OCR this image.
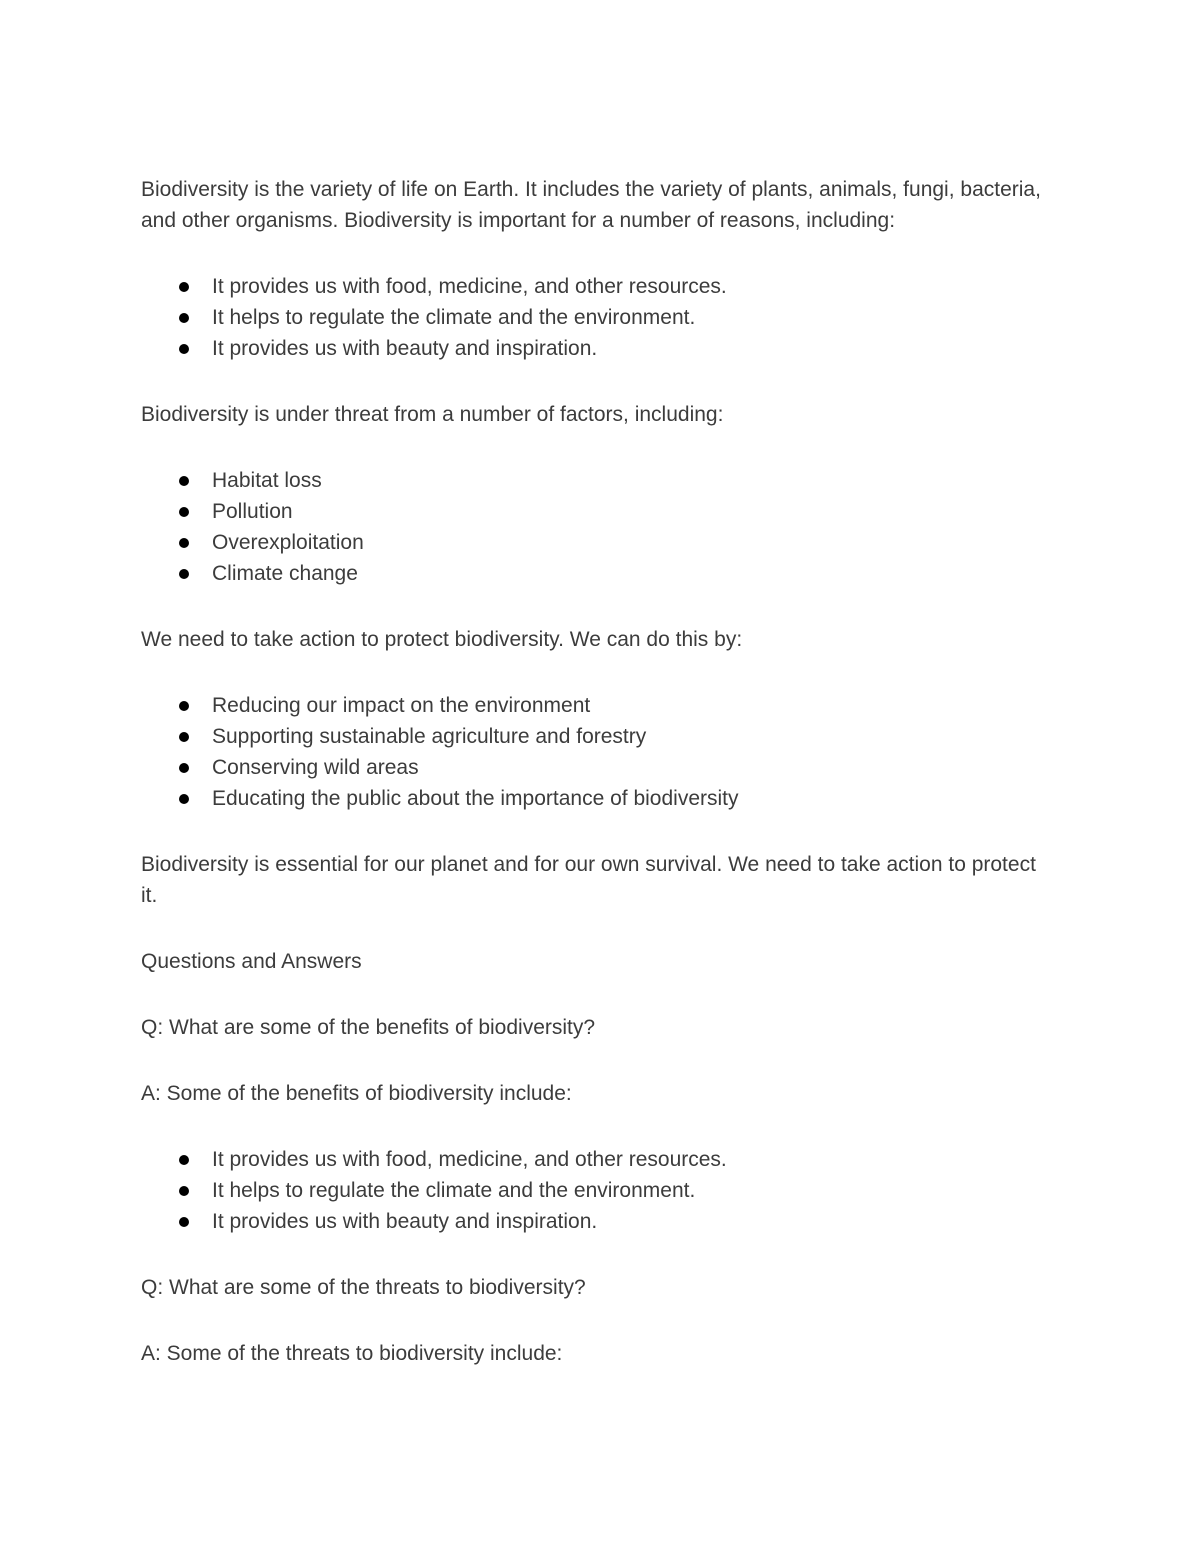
Biodiversity is the variety of life on Earth. It includes the variety of plants, animals, fungi, bacteria, and other organisms. Biodiversity is important for a number of reasons, including:

It provides us with food, medicine, and other resources.
It helps to regulate the climate and the environment.
It provides us with beauty and inspiration.

Biodiversity is under threat from a number of factors, including:

Habitat loss
Pollution
Overexploitation
Climate change

We need to take action to protect biodiversity. We can do this by:

Reducing our impact on the environment
Supporting sustainable agriculture and forestry
Conserving wild areas
Educating the public about the importance of biodiversity

Biodiversity is essential for our planet and for our own survival. We need to take action to protect it.

Questions and Answers

Q: What are some of the benefits of biodiversity?

A: Some of the benefits of biodiversity include:

It provides us with food, medicine, and other resources.
It helps to regulate the climate and the environment.
It provides us with beauty and inspiration.

Q: What are some of the threats to biodiversity?

A: Some of the threats to biodiversity include:
